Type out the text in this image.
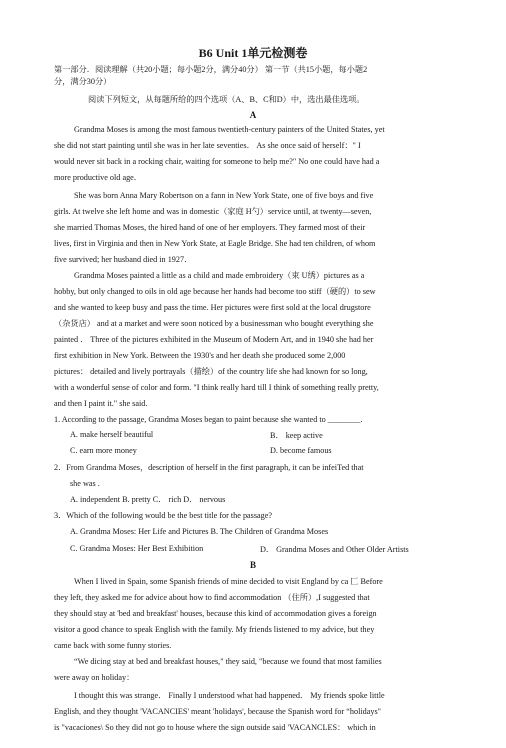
B6 Unit 1单元检测卷
第一部分．阅读理解（共20小题；每小题2分，满分40分） 第一节（共15小题，每小题2
分，满分30分）
阅读下列短文，从每题所给的四个选项（A、B、C和D）中，选出最佳选项。
A
Grandma Moses is among the most famous twentieth-century painters of the United States, yet
she did not start painting until she was in her late seventies． As she once said of herself：" I
would never sit back in a rocking chair, waiting for someone to help me?" No one could have had a
more productive old age．
She was born Anna Mary Robertson on a fann in New York State, one of five boys and five
girls. At twelve she left home and was in domestic（家庭 H勺）service until, at twenty—seven,
she married Thomas Moses, the hired hand of one of her employers. They farmed most of their
lives, first in Virginia and then in New York State, at Eagle Bridge. She had ten children, of whom
five survived; her husband died in 1927．
Grandma Moses painted a little as a child and made embroidery（束 U绣）pictures as a
hobby, but only changed to oils in old age because her hands had become too stiff（硬的）to sew
and she wanted to keep busy and pass the time. Her pictures were first sold at the local drugstore
（杂货店） and at a market and were soon noticed by a businessman who bought everything she
painted ． Three of the pictures exhibited in the Museum of Modern Art, and in 1940 she had her
first exhibition in New York. Between the 1930's and her death she produced some 2,000
pictures： detailed and lively portrayals（描绘）of the country life she had known for so long,
with a wonderful sense of color and form. "I think really hard till I think of something really pretty,
and then I paint it." she said.
1. According to the passage, Grandma Moses began to paint because she wanted to ________.
A. make herself beautiful	B． keep active
C. earn more money	D. become famous
2．From Grandma Moses，description of herself in the first paragraph, it can be infeiTed that
she was .
A. independent B. pretty C． rich D． nervous
3．Which of the following would be the best title for the passage?
A. Grandma Moses: Her Life and Pictures B. The Children of Grandma Moses
C. Grandma Moses: Her Best Exhibition	D． Grandma Moses and Other Older Artists
B
When I lived in Spain, some Spanish friends of mine decided to visit England by ca 匚 Before
they left, they asked me for advice about how to find accommodation （住所）,I suggested that
they should stay at 'bed and breakfast' houses, because this kind of accommodation gives a foreign
visitor a good chance to speak English with the family. My friends listened to my advice, but they
came back with some funny stories.
“We dicing stay at bed and breakfast houses," they said, "because we found that most families
were away on holiday：
I thought this was strange． Finally I understood what had happened． My friends spoke little
English, and they thought 'VACANCIES' meant 'holidays', because the Spanish word for “holidays"
is "vacaciones\ So they did not go to house where the sign outside said 'VACANCLES： which in
